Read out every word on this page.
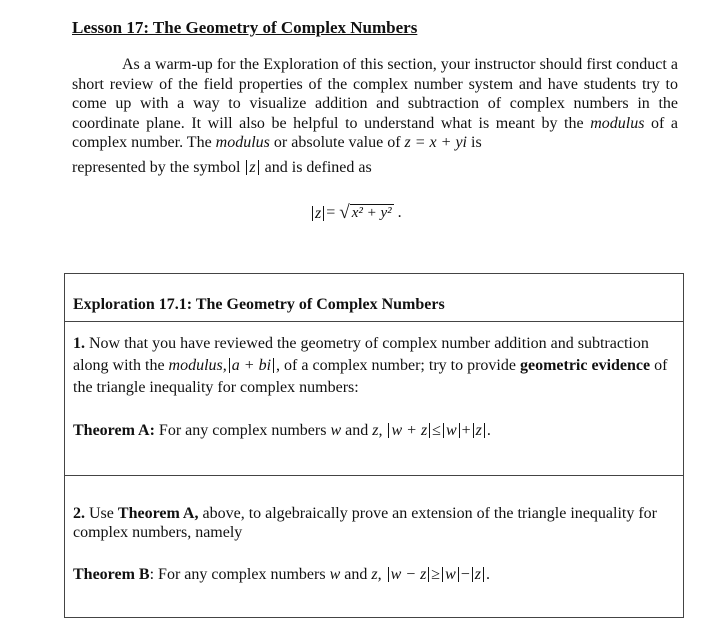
Lesson 17: The Geometry of Complex Numbers

As a warm-up for the Exploration of this section, your instructor should first conduct a short review of the field properties of the complex number system and have students try to come up with a way to visualize addition and subtraction of complex numbers in the coordinate plane. It will also be helpful to understand what is meant by the modulus of a complex number. The modulus or absolute value of z = x + yi is

represented by the symbol z and is defined as

z = √ x² + y² .

Exploration 17.1: The Geometry of Complex Numbers

1. Now that you have reviewed the geometry of complex number addition and subtraction along with the modulus, a + bi , of a complex number; try to provide geometric evidence of the triangle inequality for complex numbers:

Theorem A: For any complex numbers w and z, w + z ≤ w + z .

2. Use Theorem A, above, to algebraically prove an extension of the triangle inequality for complex numbers, namely

Theorem B: For any complex numbers w and z, w − z ≥ w − z .
